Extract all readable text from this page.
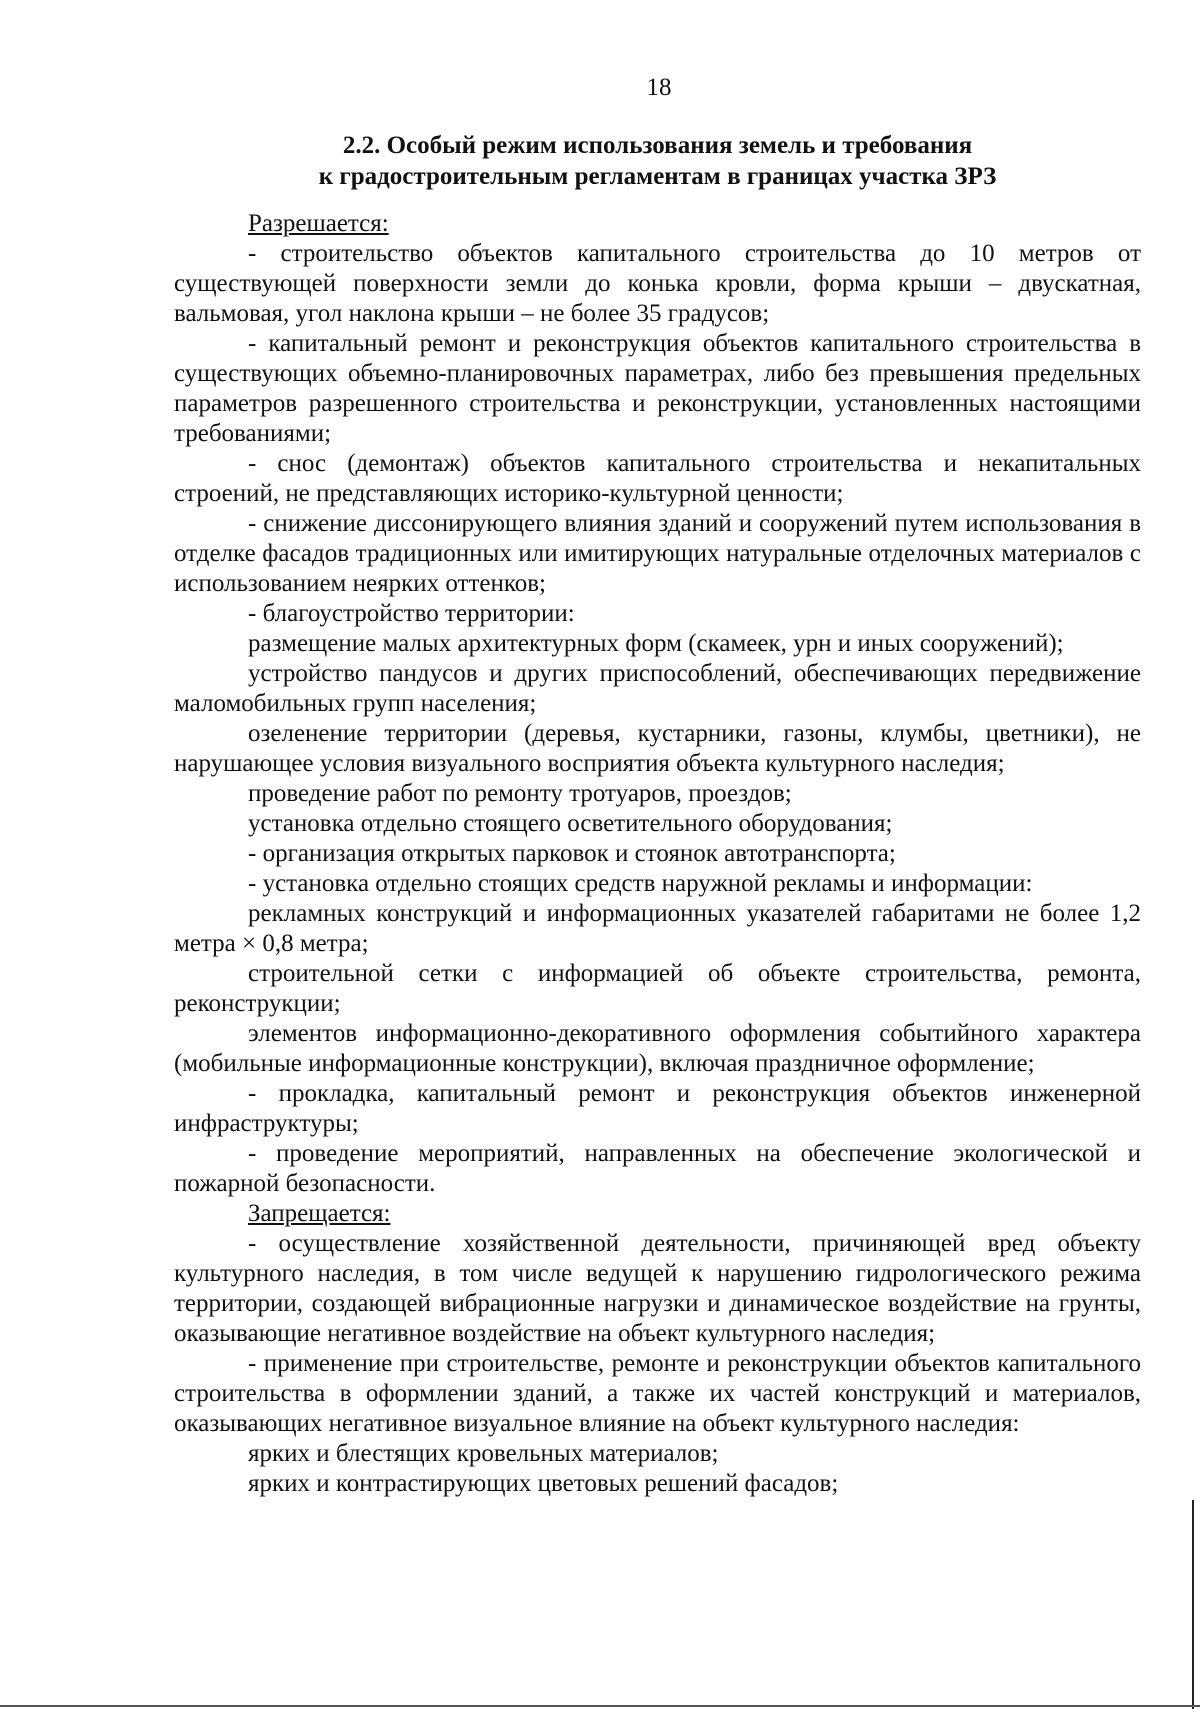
18
2.2. Особый режим использования земель и требования
к градостроительным регламентам в границах участка ЗРЗ

Разрешается:

- строительство объектов капитального строительства до 10 метров от существующей поверхности земли до конька кровли, форма крыши – двускатная, вальмовая, угол наклона крыши – не более 35 градусов;

- капитальный ремонт и реконструкция объектов капитального строительства в существующих объемно-планировочных параметрах, либо без превышения предельных параметров разрешенного строительства и реконструкции, установленных настоящими требованиями;

- снос (демонтаж) объектов капитального строительства и некапитальных строений, не представляющих историко-культурной ценности;

- снижение диссонирующего влияния зданий и сооружений путем использования в отделке фасадов традиционных или имитирующих натуральные отделочных материалов с использованием неярких оттенков;

- благоустройство территории:

размещение малых архитектурных форм (скамеек, урн и иных сооружений);

устройство пандусов и других приспособлений, обеспечивающих передвижение маломобильных групп населения;

озеленение территории (деревья, кустарники, газоны, клумбы, цветники), не нарушающее условия визуального восприятия объекта культурного наследия;

проведение работ по ремонту тротуаров, проездов;

установка отдельно стоящего осветительного оборудования;

- организация открытых парковок и стоянок автотранспорта;

- установка отдельно стоящих средств наружной рекламы и информации:

рекламных конструкций и информационных указателей габаритами не более 1,2 метра × 0,8 метра;

строительной сетки с информацией об объекте строительства, ремонта, реконструкции;

элементов информационно-декоративного оформления событийного характера (мобильные информационные конструкции), включая праздничное оформление;

- прокладка, капитальный ремонт и реконструкция объектов инженерной инфраструктуры;

- проведение мероприятий, направленных на обеспечение экологической и пожарной безопасности.

Запрещается:

- осуществление хозяйственной деятельности, причиняющей вред объекту культурного наследия, в том числе ведущей к нарушению гидрологического режима территории, создающей вибрационные нагрузки и динамическое воздействие на грунты, оказывающие негативное воздействие на объект культурного наследия;

- применение при строительстве, ремонте и реконструкции объектов капитального строительства в оформлении зданий, а также их частей конструкций и материалов, оказывающих негативное визуальное влияние на объект культурного наследия:

ярких и блестящих кровельных материалов;

ярких и контрастирующих цветовых решений фасадов;
